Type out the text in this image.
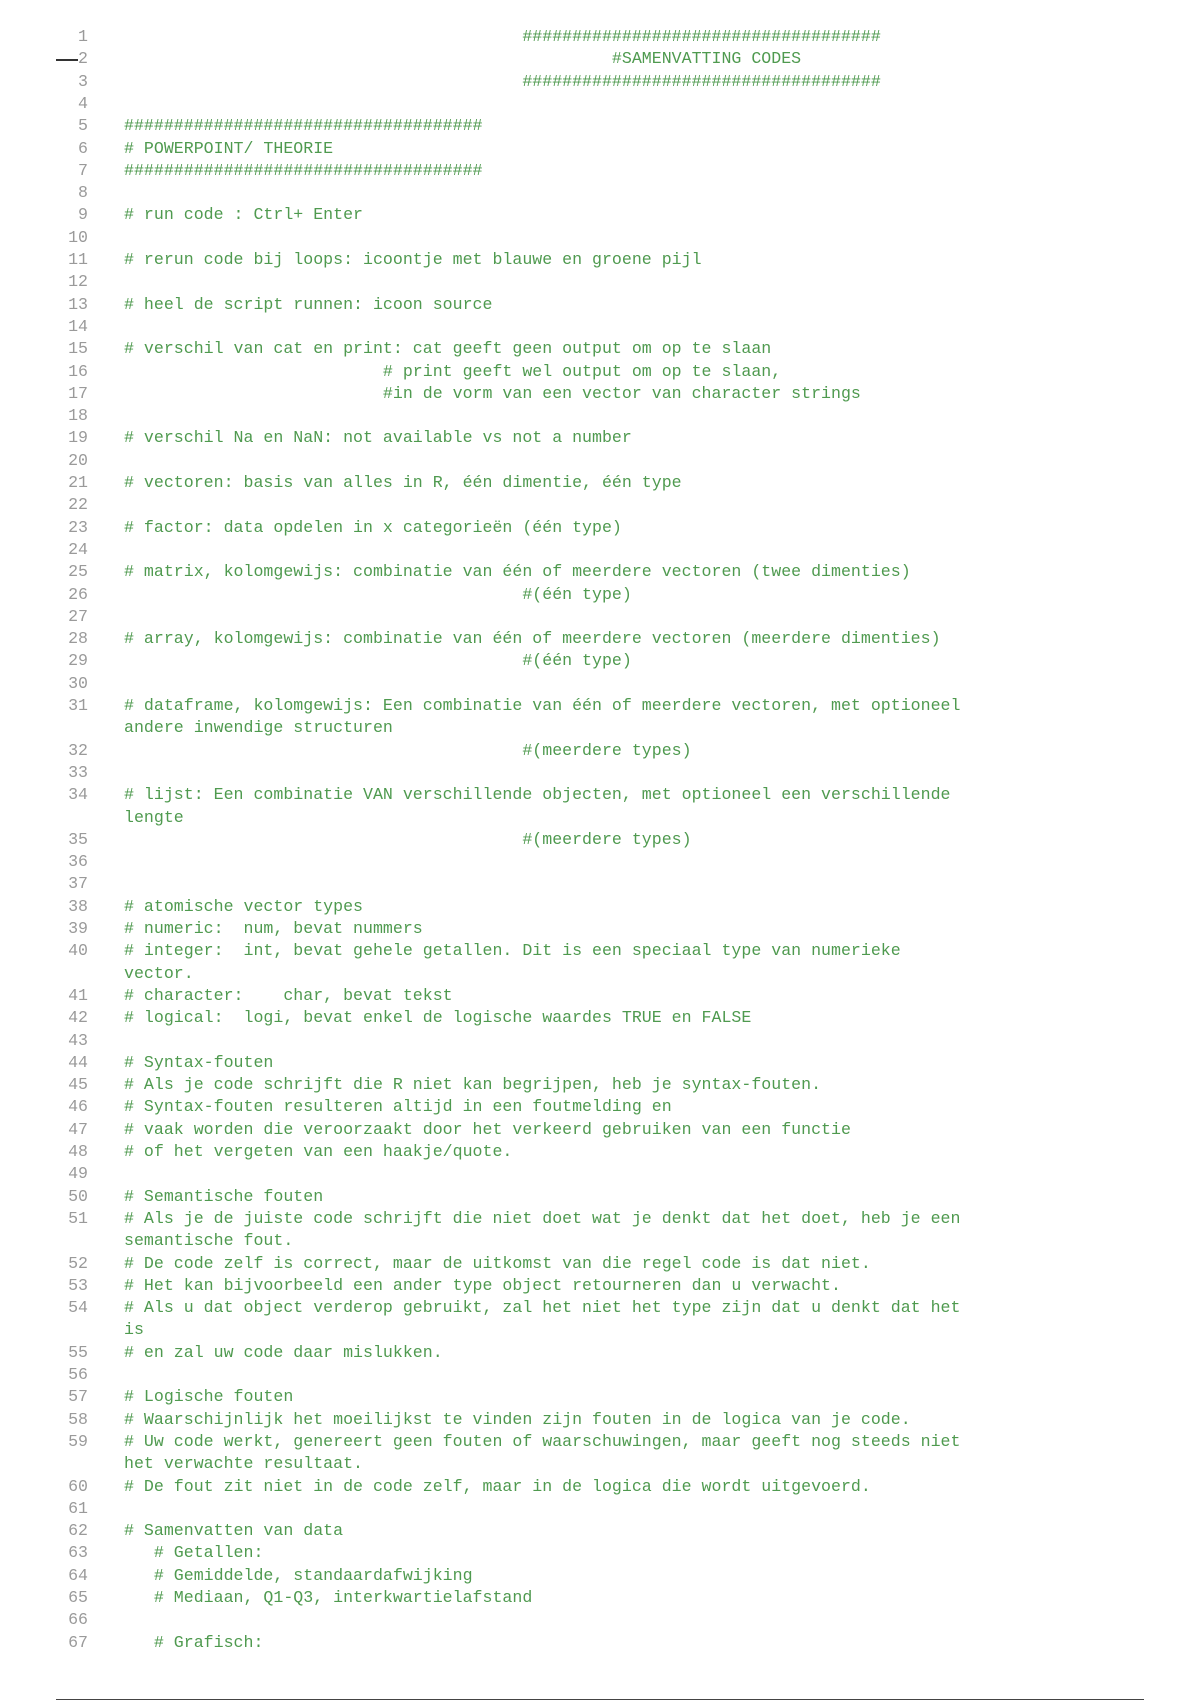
1 ####################################
2 #SAMENVATTING CODES
3 ####################################
4
5 ####################################
6 # POWERPOINT/ THEORIE
7 ####################################
8
9 # run code : Ctrl+ Enter
10
11 # rerun code bij loops: icoontje met blauwe en groene pijl
12
13 # heel de script runnen: icoon source
14
15 # verschil van cat en print: cat geeft geen output om op te slaan
16 # print geeft wel output om op te slaan,
17 #in de vorm van een vector van character strings
18
19 # verschil Na en NaN: not available vs not a number
20
21 # vectoren: basis van alles in R, één dimentie, één type
22
23 # factor: data opdelen in x categorieën (één type)
24
25 # matrix, kolomgewijs: combinatie van één of meerdere vectoren (twee dimenties)
26 #(één type)
27
28 # array, kolomgewijs: combinatie van één of meerdere vectoren (meerdere dimenties)
29 #(één type)
30
31 # dataframe, kolomgewijs: Een combinatie van één of meerdere vectoren, met optioneel
andere inwendige structuren
32 #(meerdere types)
33
34 # lijst: Een combinatie VAN verschillende objecten, met optioneel een verschillende
lengte
35 #(meerdere types)
36
37
38 # atomische vector types
39 # numeric:  num, bevat nummers
40 # integer:  int, bevat gehele getallen. Dit is een speciaal type van numerieke
vector.
41 # character:    char, bevat tekst
42 # logical:  logi, bevat enkel de logische waardes TRUE en FALSE
43
44 # Syntax-fouten
45 # Als je code schrijft die R niet kan begrijpen, heb je syntax-fouten.
46 # Syntax-fouten resulteren altijd in een foutmelding en
47 # vaak worden die veroorzaakt door het verkeerd gebruiken van een functie
48 # of het vergeten van een haakje/quote.
49
50 # Semantische fouten
51 # Als je de juiste code schrijft die niet doet wat je denkt dat het doet, heb je een
semantische fout.
52 # De code zelf is correct, maar de uitkomst van die regel code is dat niet.
53 # Het kan bijvoorbeeld een ander type object retourneren dan u verwacht.
54 # Als u dat object verderop gebruikt, zal het niet het type zijn dat u denkt dat het
is
55 # en zal uw code daar mislukken.
56
57 # Logische fouten
58 # Waarschijnlijk het moeilijkst te vinden zijn fouten in de logica van je code.
59 # Uw code werkt, genereert geen fouten of waarschuwingen, maar geeft nog steeds niet
het verwachte resultaat.
60 # De fout zit niet in de code zelf, maar in de logica die wordt uitgevoerd.
61
62 # Samenvatten van data
63 # Getallen:
64 # Gemiddelde, standaardafwijking
65 # Mediaan, Q1-Q3, interkwartielafstand
66
67 # Grafisch:
